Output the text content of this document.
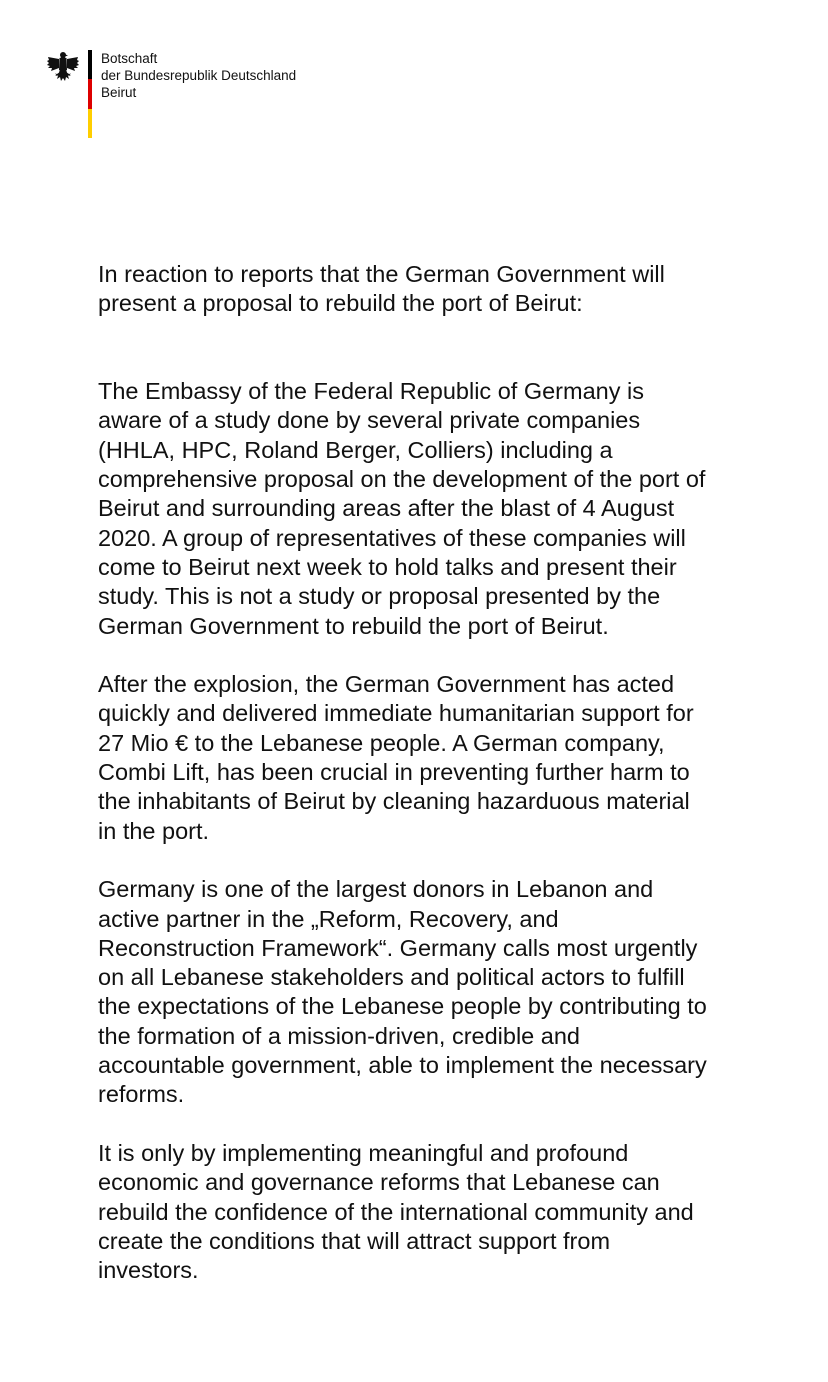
Botschaft
der Bundesrepublik Deutschland
Beirut

In reaction to reports that the German Government will
present a proposal to rebuild the port of Beirut:

The Embassy of the Federal Republic of Germany is
aware of a study done by several private companies
(HHLA, HPC, Roland Berger, Colliers) including a
comprehensive proposal on the development of the port of
Beirut and surrounding areas after the blast of 4 August
2020. A group of representatives of these companies will
come to Beirut next week to hold talks and present their
study. This is not a study or proposal presented by the
German Government to rebuild the port of Beirut.

After the explosion, the German Government has acted
quickly and delivered immediate humanitarian support for
27 Mio € to the Lebanese people. A German company,
Combi Lift, has been crucial in preventing further harm to
the inhabitants of Beirut by cleaning hazarduous material
in the port.

Germany is one of the largest donors in Lebanon and
active partner in the „Reform, Recovery, and
Reconstruction Framework“. Germany calls most urgently
on all Lebanese stakeholders and political actors to fulfill
the expectations of the Lebanese people by contributing to
the formation of a mission-driven, credible and
accountable government, able to implement the necessary
reforms.

It is only by implementing meaningful and profound
economic and governance reforms that Lebanese can
rebuild the confidence of the international community and
create the conditions that will attract support from
investors.
